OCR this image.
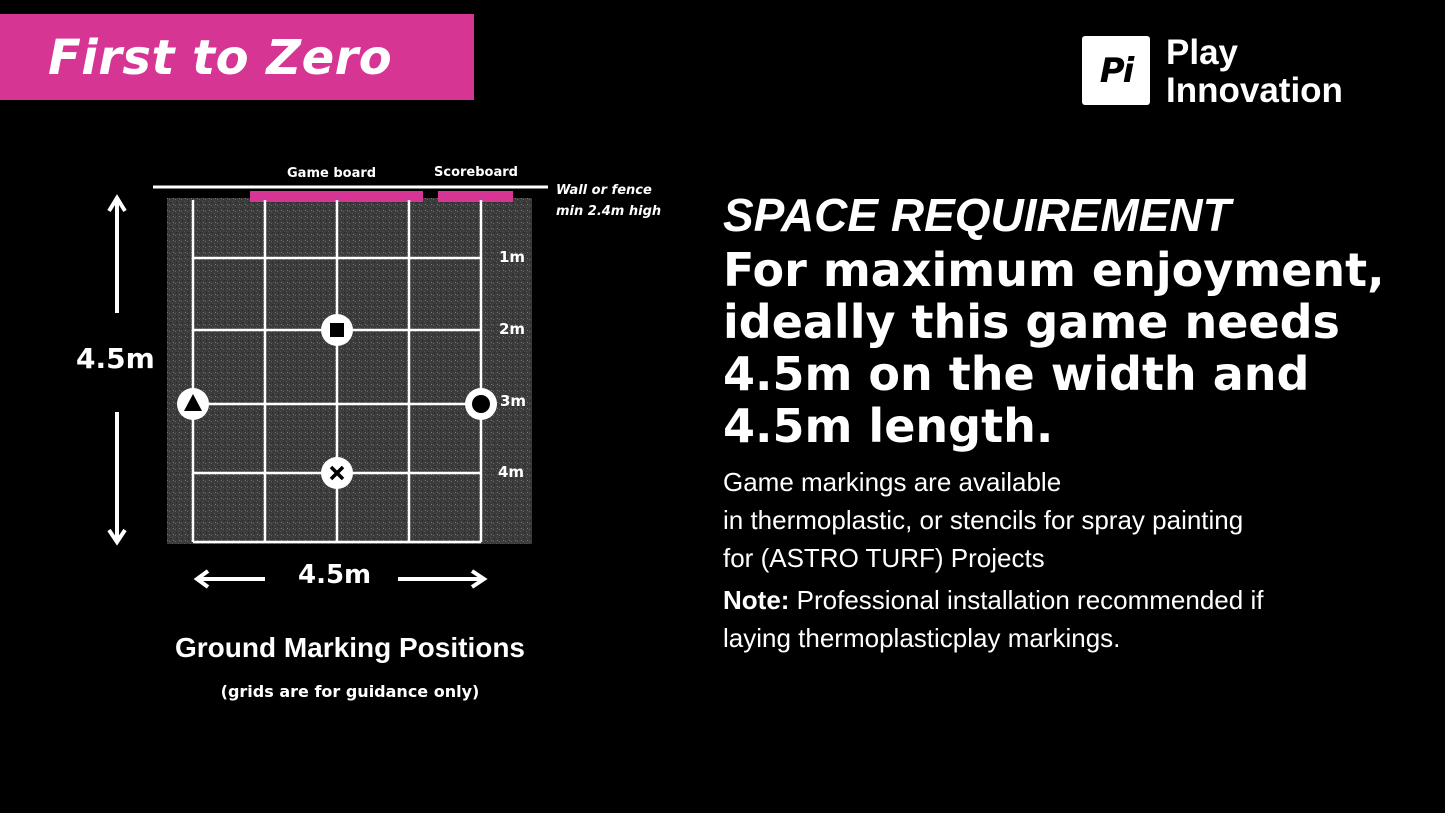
First to Zero	Pi Play
Innovation
Game board	Scoreboard
Wall or fence
min 2.4m high
4.5m
4.5m
1m
2m
3m
4m
Ground Marking Positions
(grids are for guidance only)
SPACE REQUIREMENT
For maximum enjoyment,
ideally this game needs
4.5m on the width and
4.5m length.
Game markings are available
in thermoplastic, or stencils for spray painting
for (ASTRO TURF) Projects
Note: Professional installation recommended if
laying thermoplasticplay markings.
